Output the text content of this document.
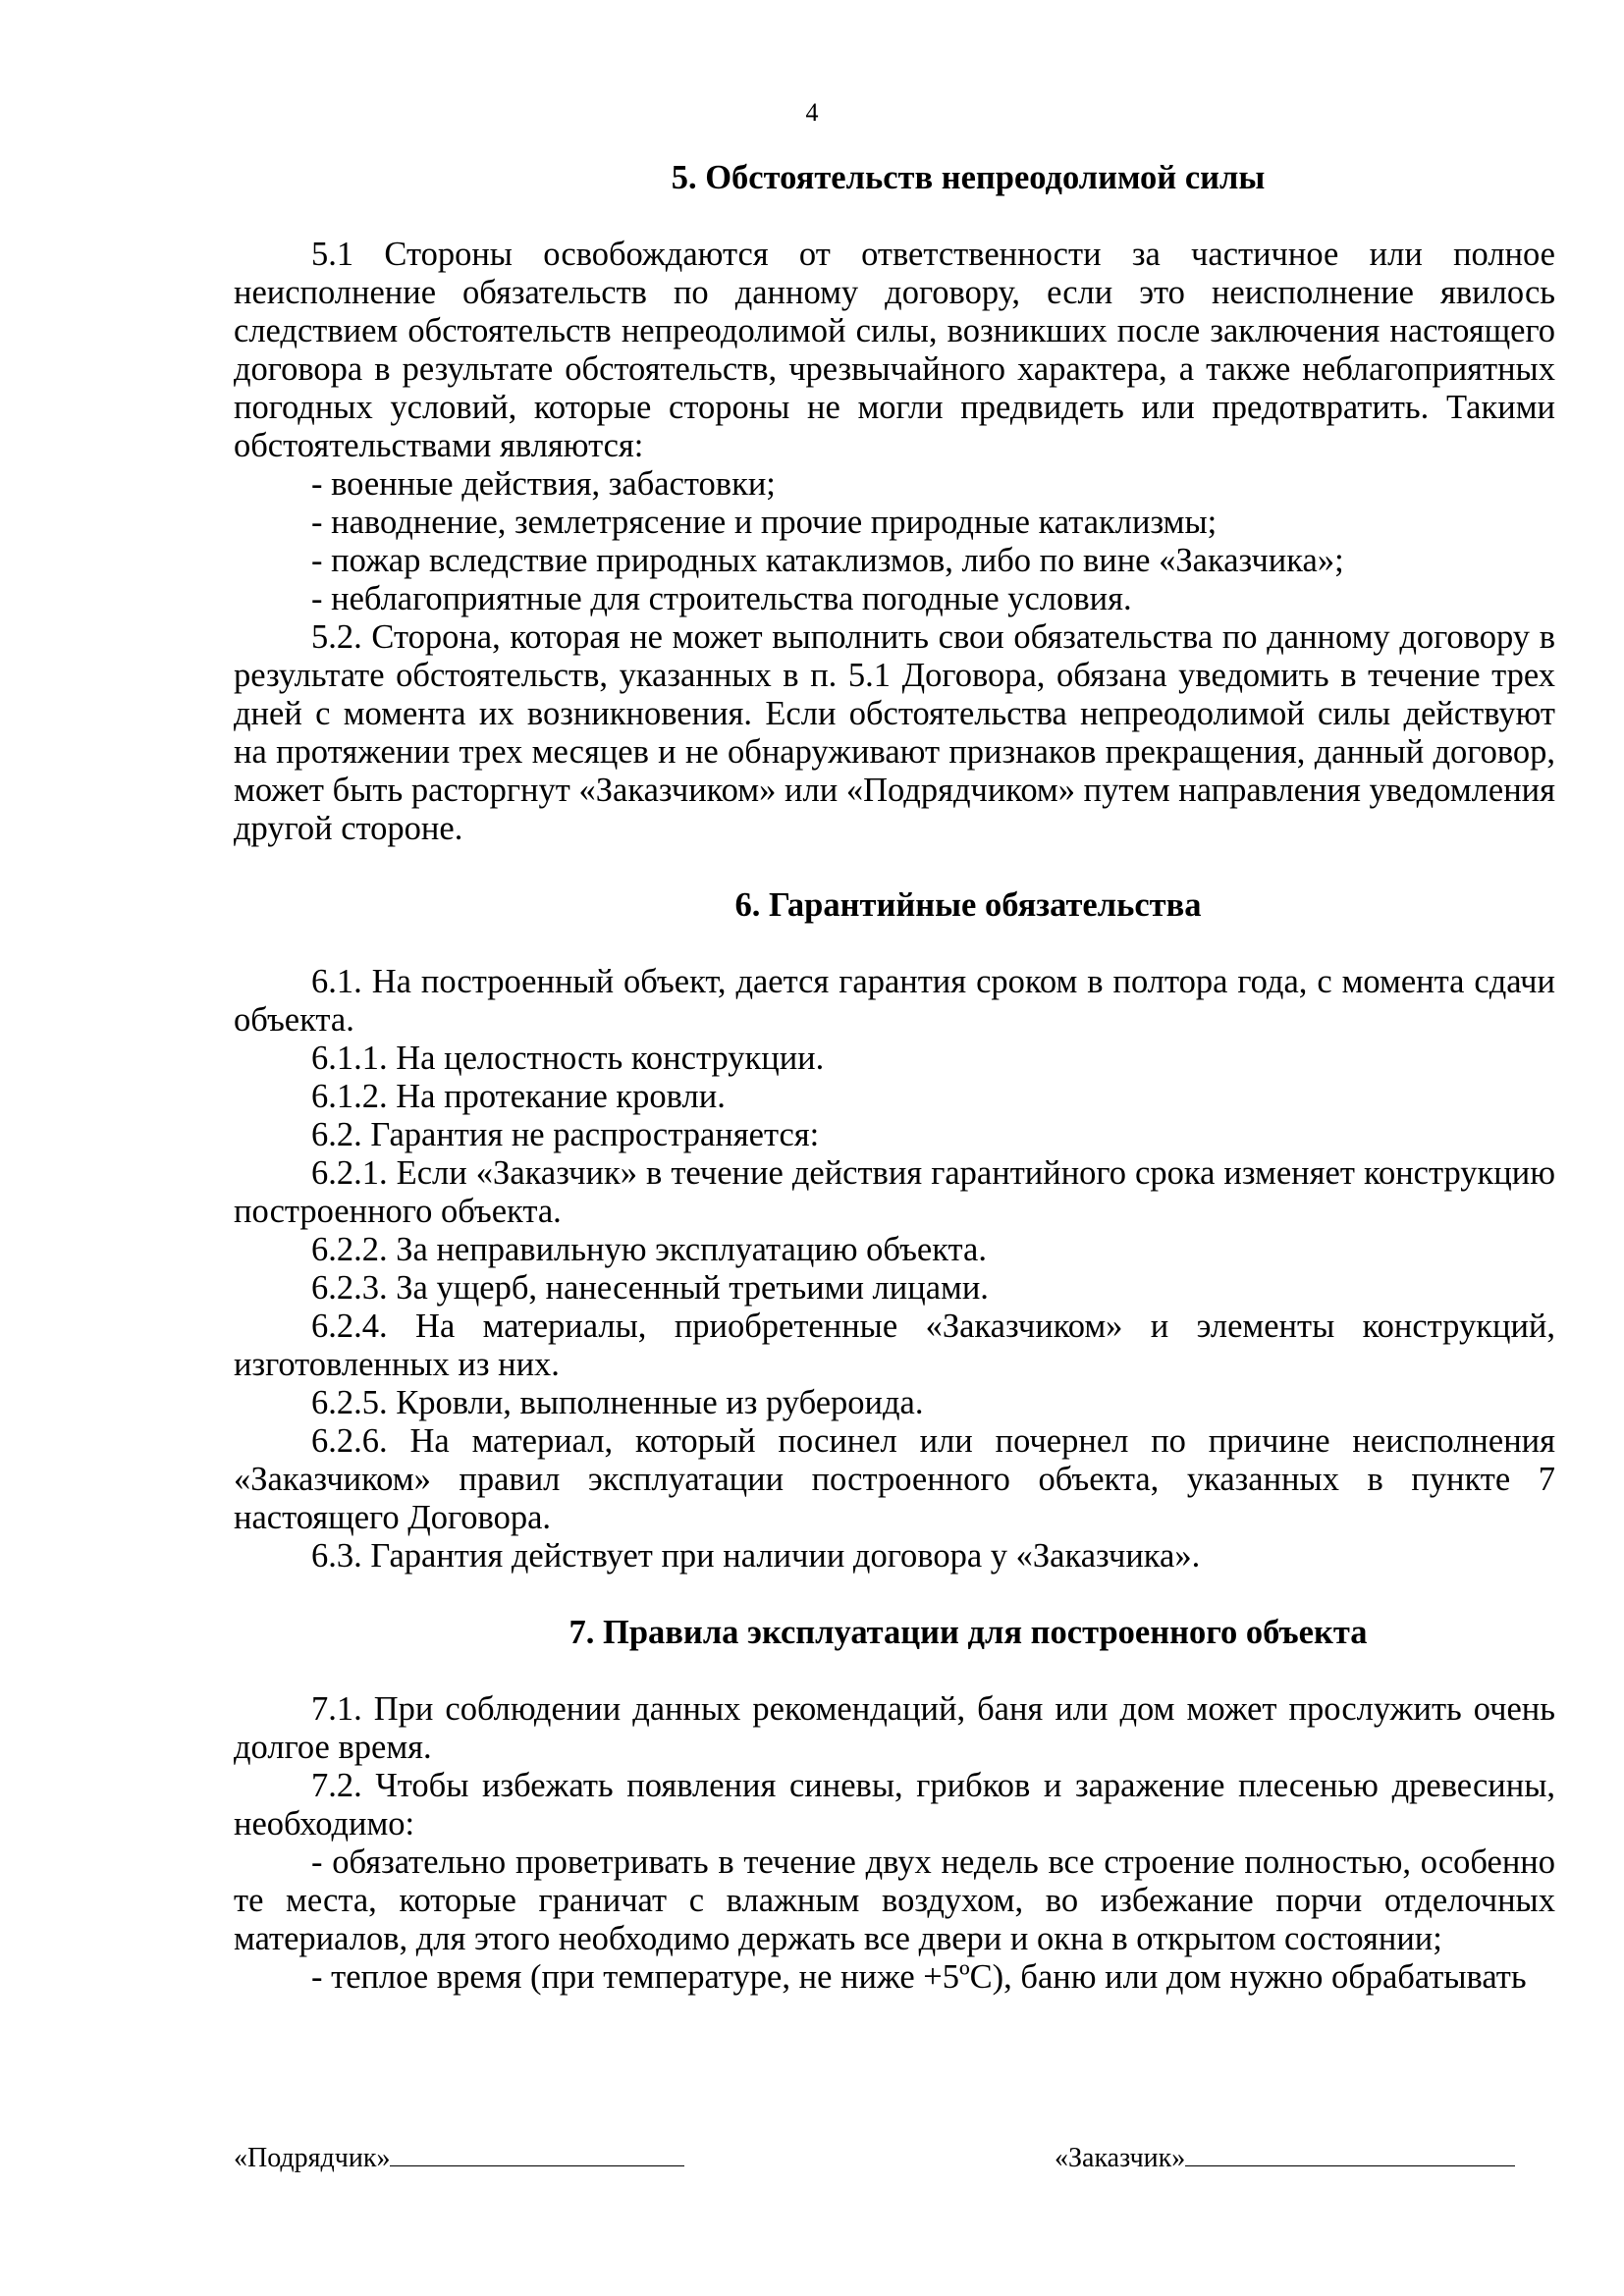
4

5. Обстоятельств непреодолимой силы

5.1 Стороны освобождаются от ответственности за частичное или полное неисполнение обязательств по данному договору, если это неисполнение явилось следствием обстоятельств непреодолимой силы, возникших после заключения настоящего договора в результате обстоятельств, чрезвычайного характера, а также неблагоприятных погодных условий, которые стороны не могли предвидеть или предотвратить. Такими обстоятельствами являются:

- военные действия, забастовки;

- наводнение, землетрясение и прочие природные катаклизмы;

- пожар вследствие природных катаклизмов, либо по вине «Заказчика»;

- неблагоприятные для строительства погодные условия.

5.2. Сторона, которая не может выполнить свои обязательства по данному договору в результате обстоятельств, указанных в п. 5.1 Договора, обязана уведомить в течение трех дней с момента их возникновения. Если обстоятельства непреодолимой силы действуют на протяжении трех месяцев и не обнаруживают признаков прекращения, данный договор, может быть расторгнут «Заказчиком» или «Подрядчиком» путем направления уведомления другой стороне.

6. Гарантийные обязательства

6.1. На построенный объект, дается гарантия сроком в полтора года, с момента сдачи объекта.

6.1.1. На целостность конструкции.

6.1.2. На протекание кровли.

6.2. Гарантия не распространяется:

6.2.1. Если «Заказчик» в течение действия гарантийного срока изменяет конструкцию построенного объекта.

6.2.2. За неправильную эксплуатацию объекта.

6.2.3. За ущерб, нанесенный третьими лицами.

6.2.4. На материалы, приобретенные «Заказчиком» и элементы конструкций, изготовленных из них.

6.2.5. Кровли, выполненные из рубероида.

6.2.6. На материал, который посинел или почернел по причине неисполнения «Заказчиком» правил эксплуатации построенного объекта, указанных в пункте 7 настоящего Договора.

6.3. Гарантия действует при наличии договора у «Заказчика».

7. Правила эксплуатации для построенного объекта

7.1. При соблюдении данных рекомендаций, баня или дом может прослужить очень долгое время.

7.2. Чтобы избежать появления синевы, грибков и заражение плесенью древесины, необходимо:

- обязательно проветривать в течение двух недель все строение полностью, особенно те места, которые граничат с влажным воздухом, во избежание порчи отделочных материалов, для этого необходимо держать все двери и окна в открытом состоянии;

- теплое время (при температуре, не ниже +5ºС), баню или дом нужно обрабатывать

«Подрядчик»	«Заказчик»
